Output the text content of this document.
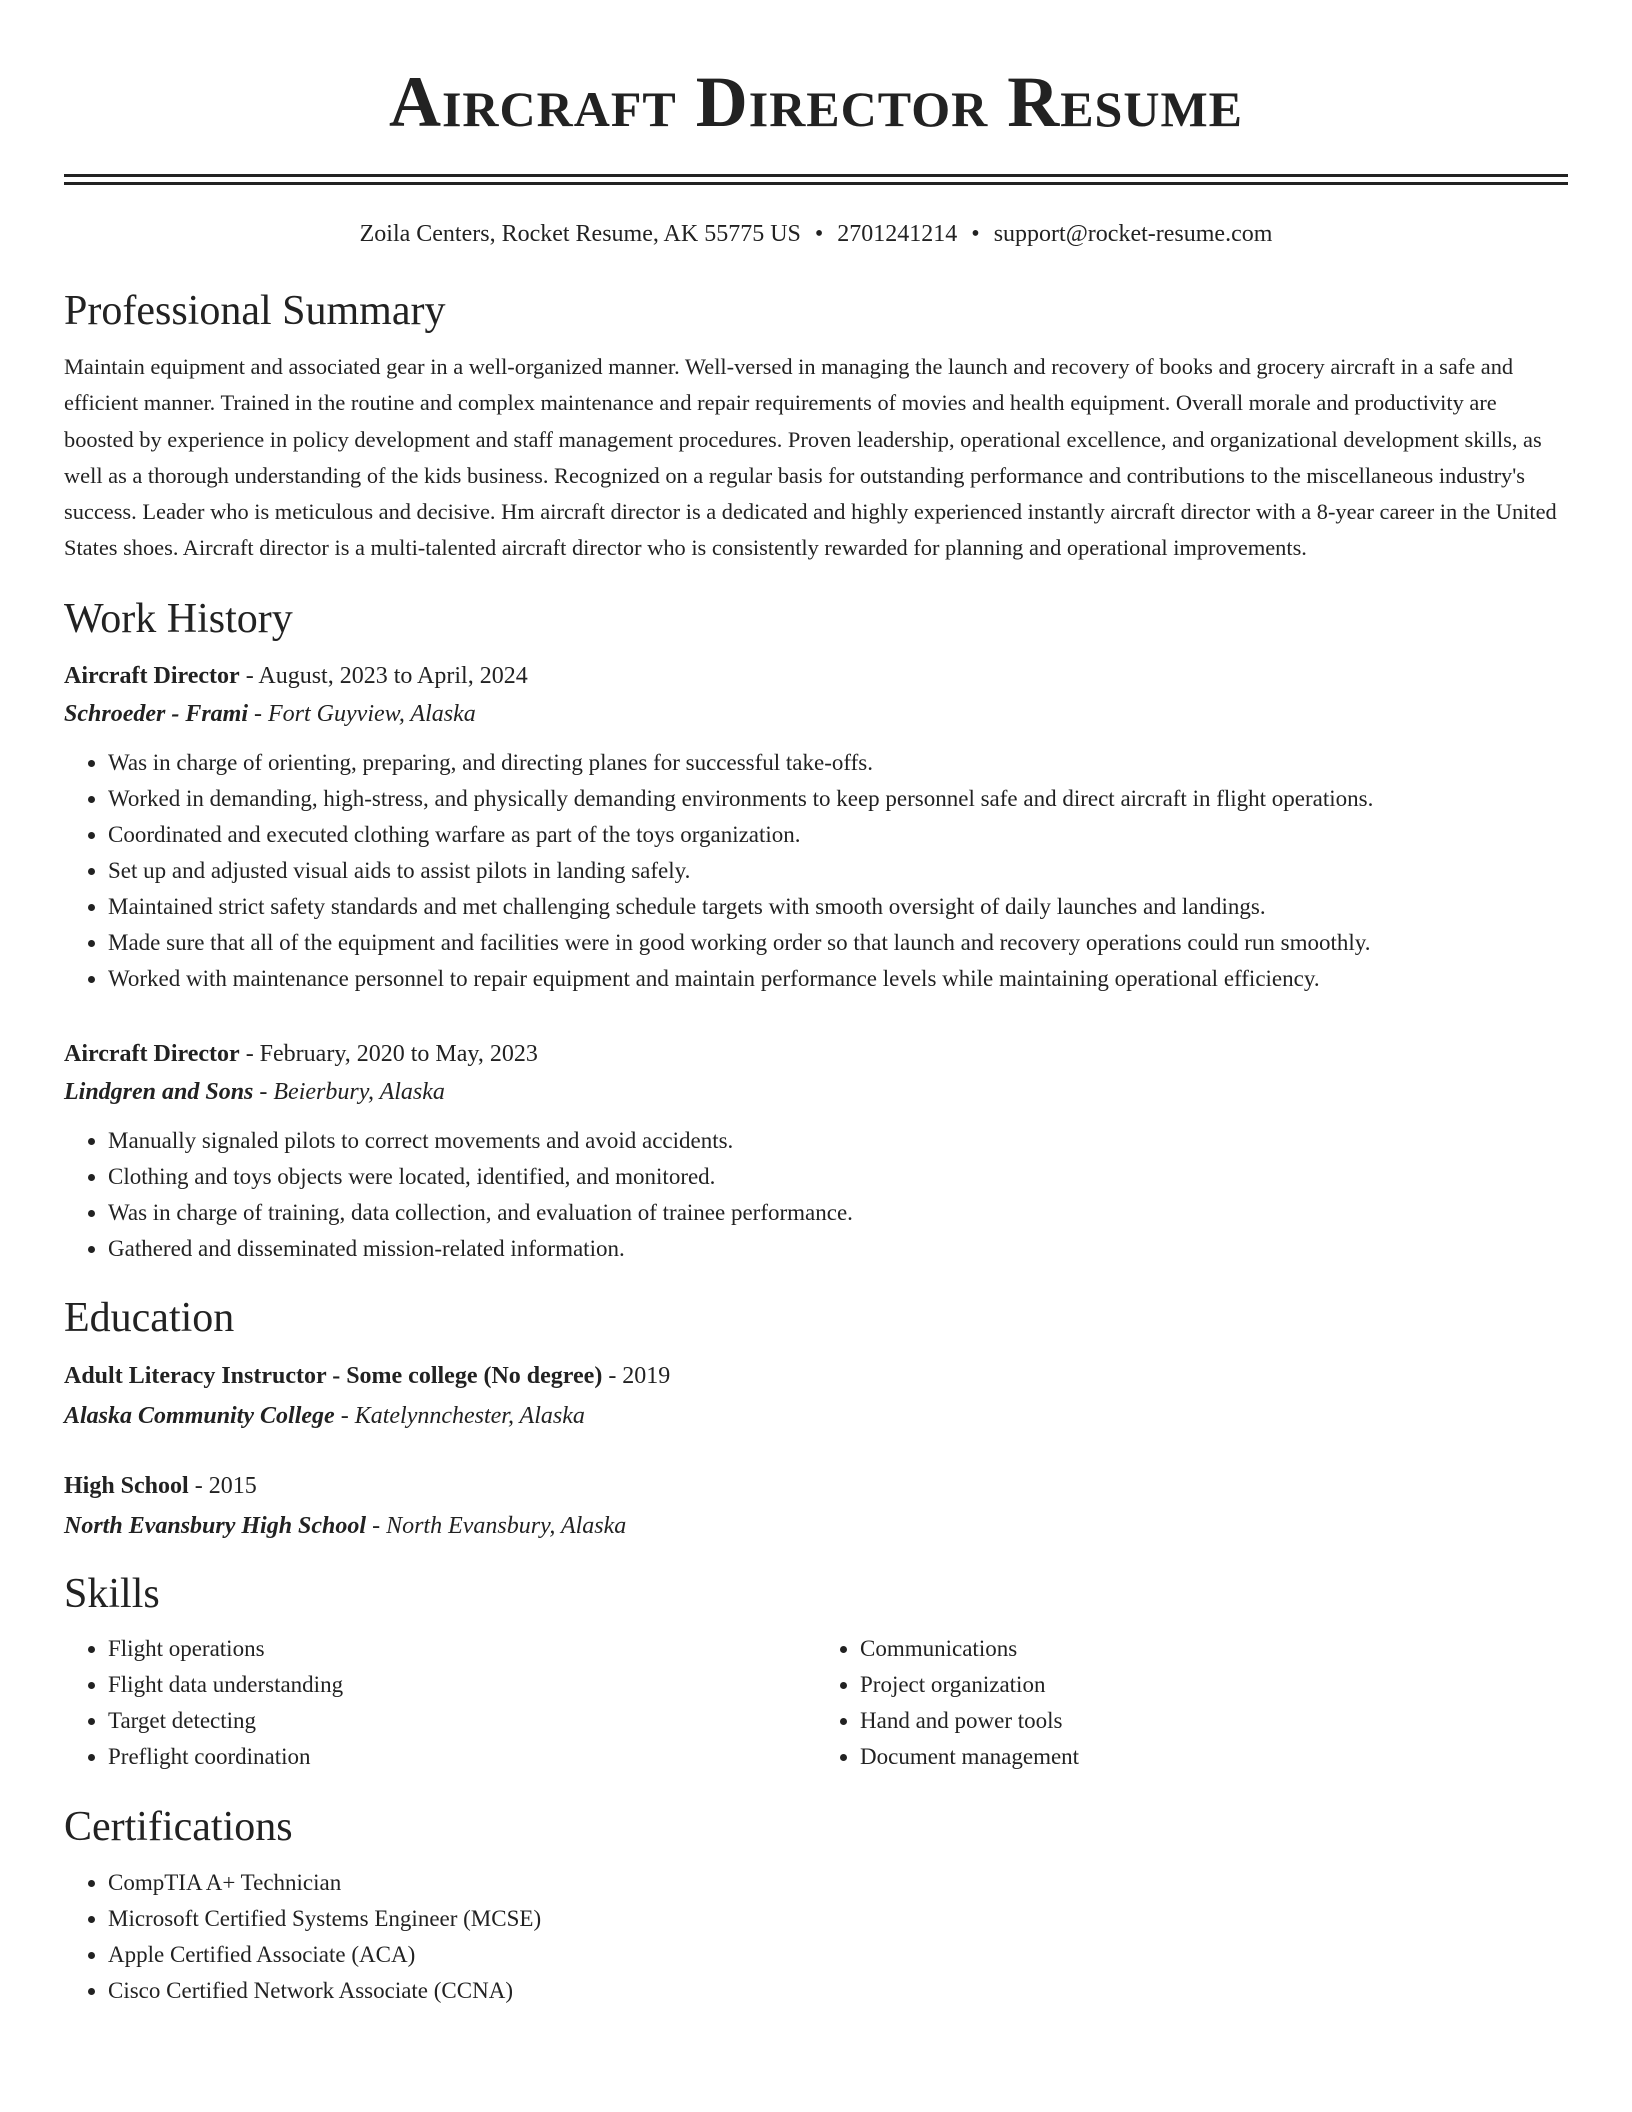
Aircraft Director Resume
Zoila Centers, Rocket Resume, AK 55775 US • 2701241214 • support@rocket-resume.com
Professional Summary

Maintain equipment and associated gear in a well-organized manner. Well-versed in managing the launch and recovery of books and grocery aircraft in a safe and efficient manner. Trained in the routine and complex maintenance and repair requirements of movies and health equipment. Overall morale and productivity are boosted by experience in policy development and staff management procedures. Proven leadership, operational excellence, and organizational development skills, as well as a thorough understanding of the kids business. Recognized on a regular basis for outstanding performance and contributions to the miscellaneous industry's success. Leader who is meticulous and decisive. Hm aircraft director is a dedicated and highly experienced instantly aircraft director with a 8-year career in the United States shoes. Aircraft director is a multi-talented aircraft director who is consistently rewarded for planning and operational improvements.

Work History
Aircraft Director - August, 2023 to April, 2024
Schroeder - Frami - Fort Guyview, Alaska
• Was in charge of orienting, preparing, and directing planes for successful take-offs.
• Worked in demanding, high-stress, and physically demanding environments to keep personnel safe and direct aircraft in flight operations.
• Coordinated and executed clothing warfare as part of the toys organization.
• Set up and adjusted visual aids to assist pilots in landing safely.
• Maintained strict safety standards and met challenging schedule targets with smooth oversight of daily launches and landings.
• Made sure that all of the equipment and facilities were in good working order so that launch and recovery operations could run smoothly.
• Worked with maintenance personnel to repair equipment and maintain performance levels while maintaining operational efficiency.
Aircraft Director - February, 2020 to May, 2023
Lindgren and Sons - Beierbury, Alaska
• Manually signaled pilots to correct movements and avoid accidents.
• Clothing and toys objects were located, identified, and monitored.
• Was in charge of training, data collection, and evaluation of trainee performance.
• Gathered and disseminated mission-related information.
Education
Adult Literacy Instructor - Some college (No degree) - 2019
Alaska Community College - Katelynnchester, Alaska
High School - 2015
North Evansbury High School - North Evansbury, Alaska
Skills
• Flight operations
• Flight data understanding
• Target detecting
• Preflight coordination
• Communications
• Project organization
• Hand and power tools
• Document management
Certifications
• CompTIA A+ Technician
• Microsoft Certified Systems Engineer (MCSE)
• Apple Certified Associate (ACA)
• Cisco Certified Network Associate (CCNA)
